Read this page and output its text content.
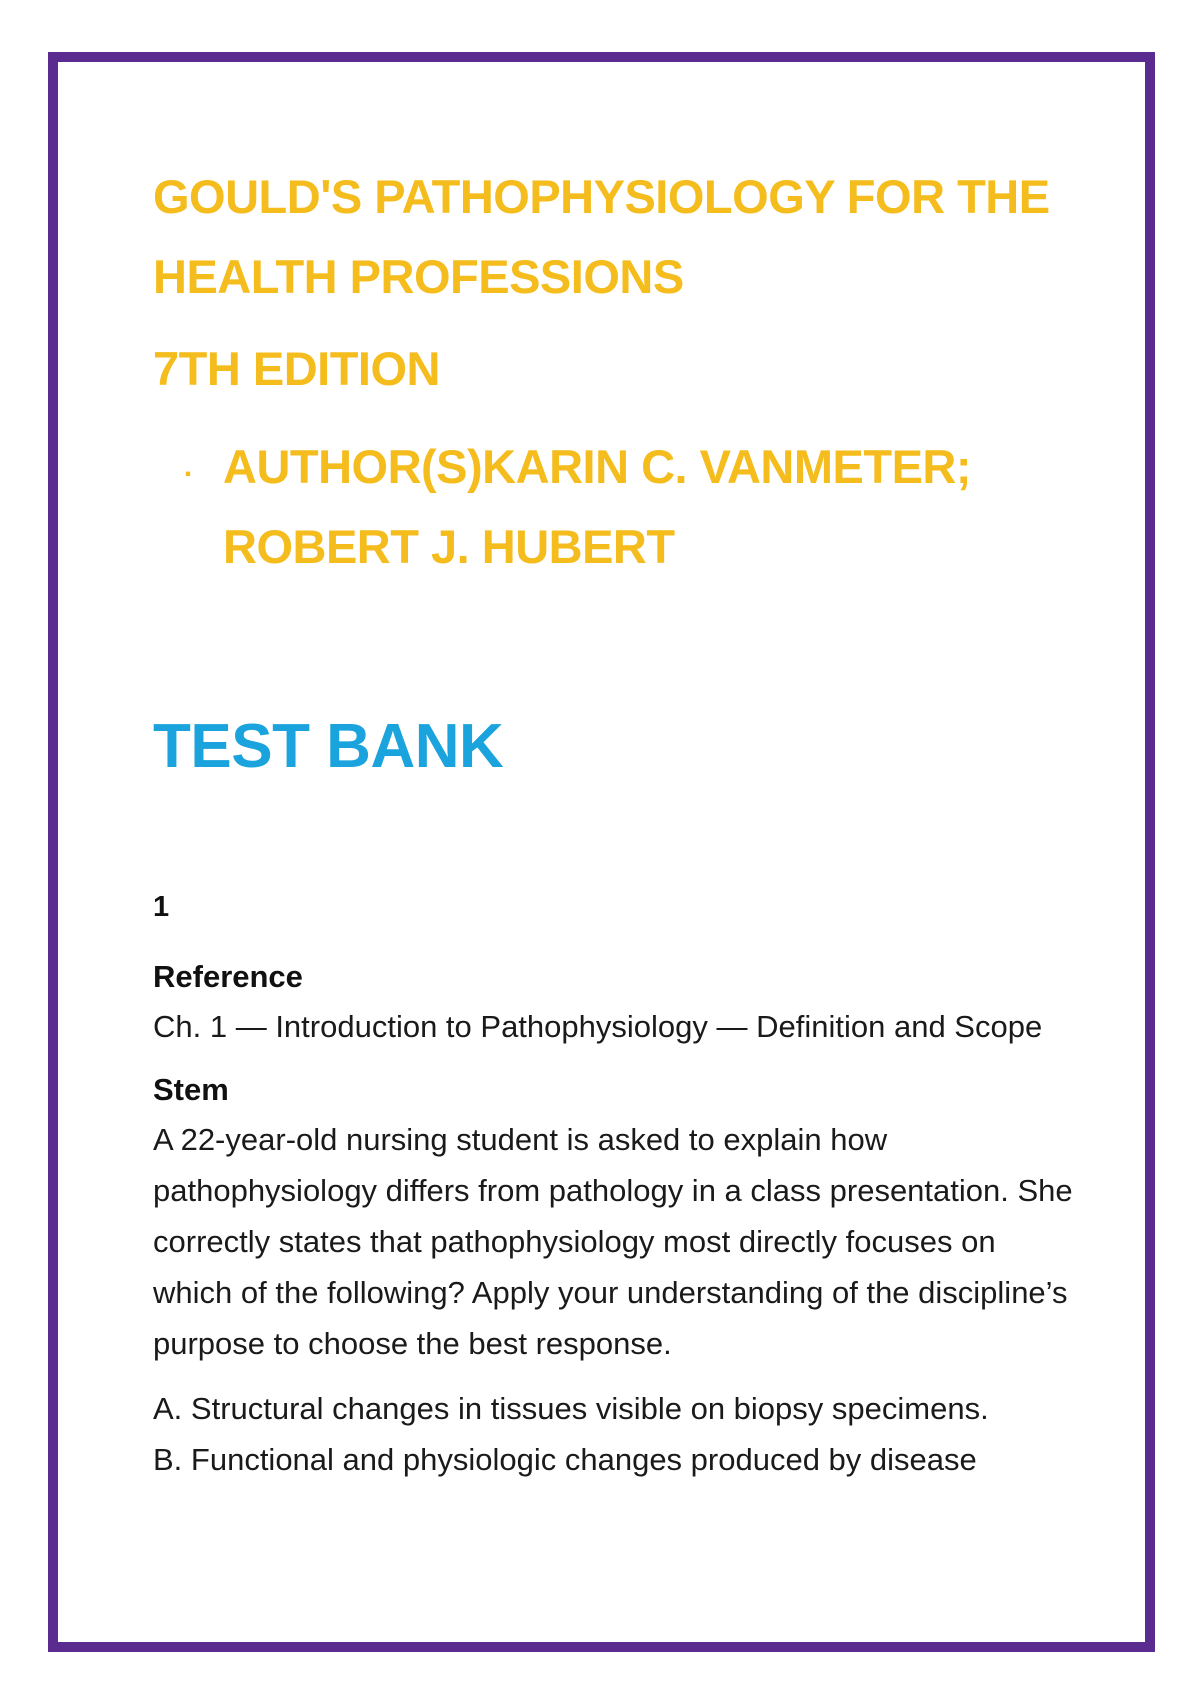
GOULD'S PATHOPHYSIOLOGY FOR THE HEALTH PROFESSIONS
7TH EDITION
. AUTHOR(S)KARIN C. VANMETER; ROBERT J. HUBERT
TEST BANK
1
Reference

Ch. 1 — Introduction to Pathophysiology — Definition and Scope

Stem

A 22-year-old nursing student is asked to explain how pathophysiology differs from pathology in a class presentation. She correctly states that pathophysiology most directly focuses on which of the following? Apply your understanding of the discipline’s purpose to choose the best response.

A. Structural changes in tissues visible on biopsy specimens.
B. Functional and physiologic changes produced by disease
